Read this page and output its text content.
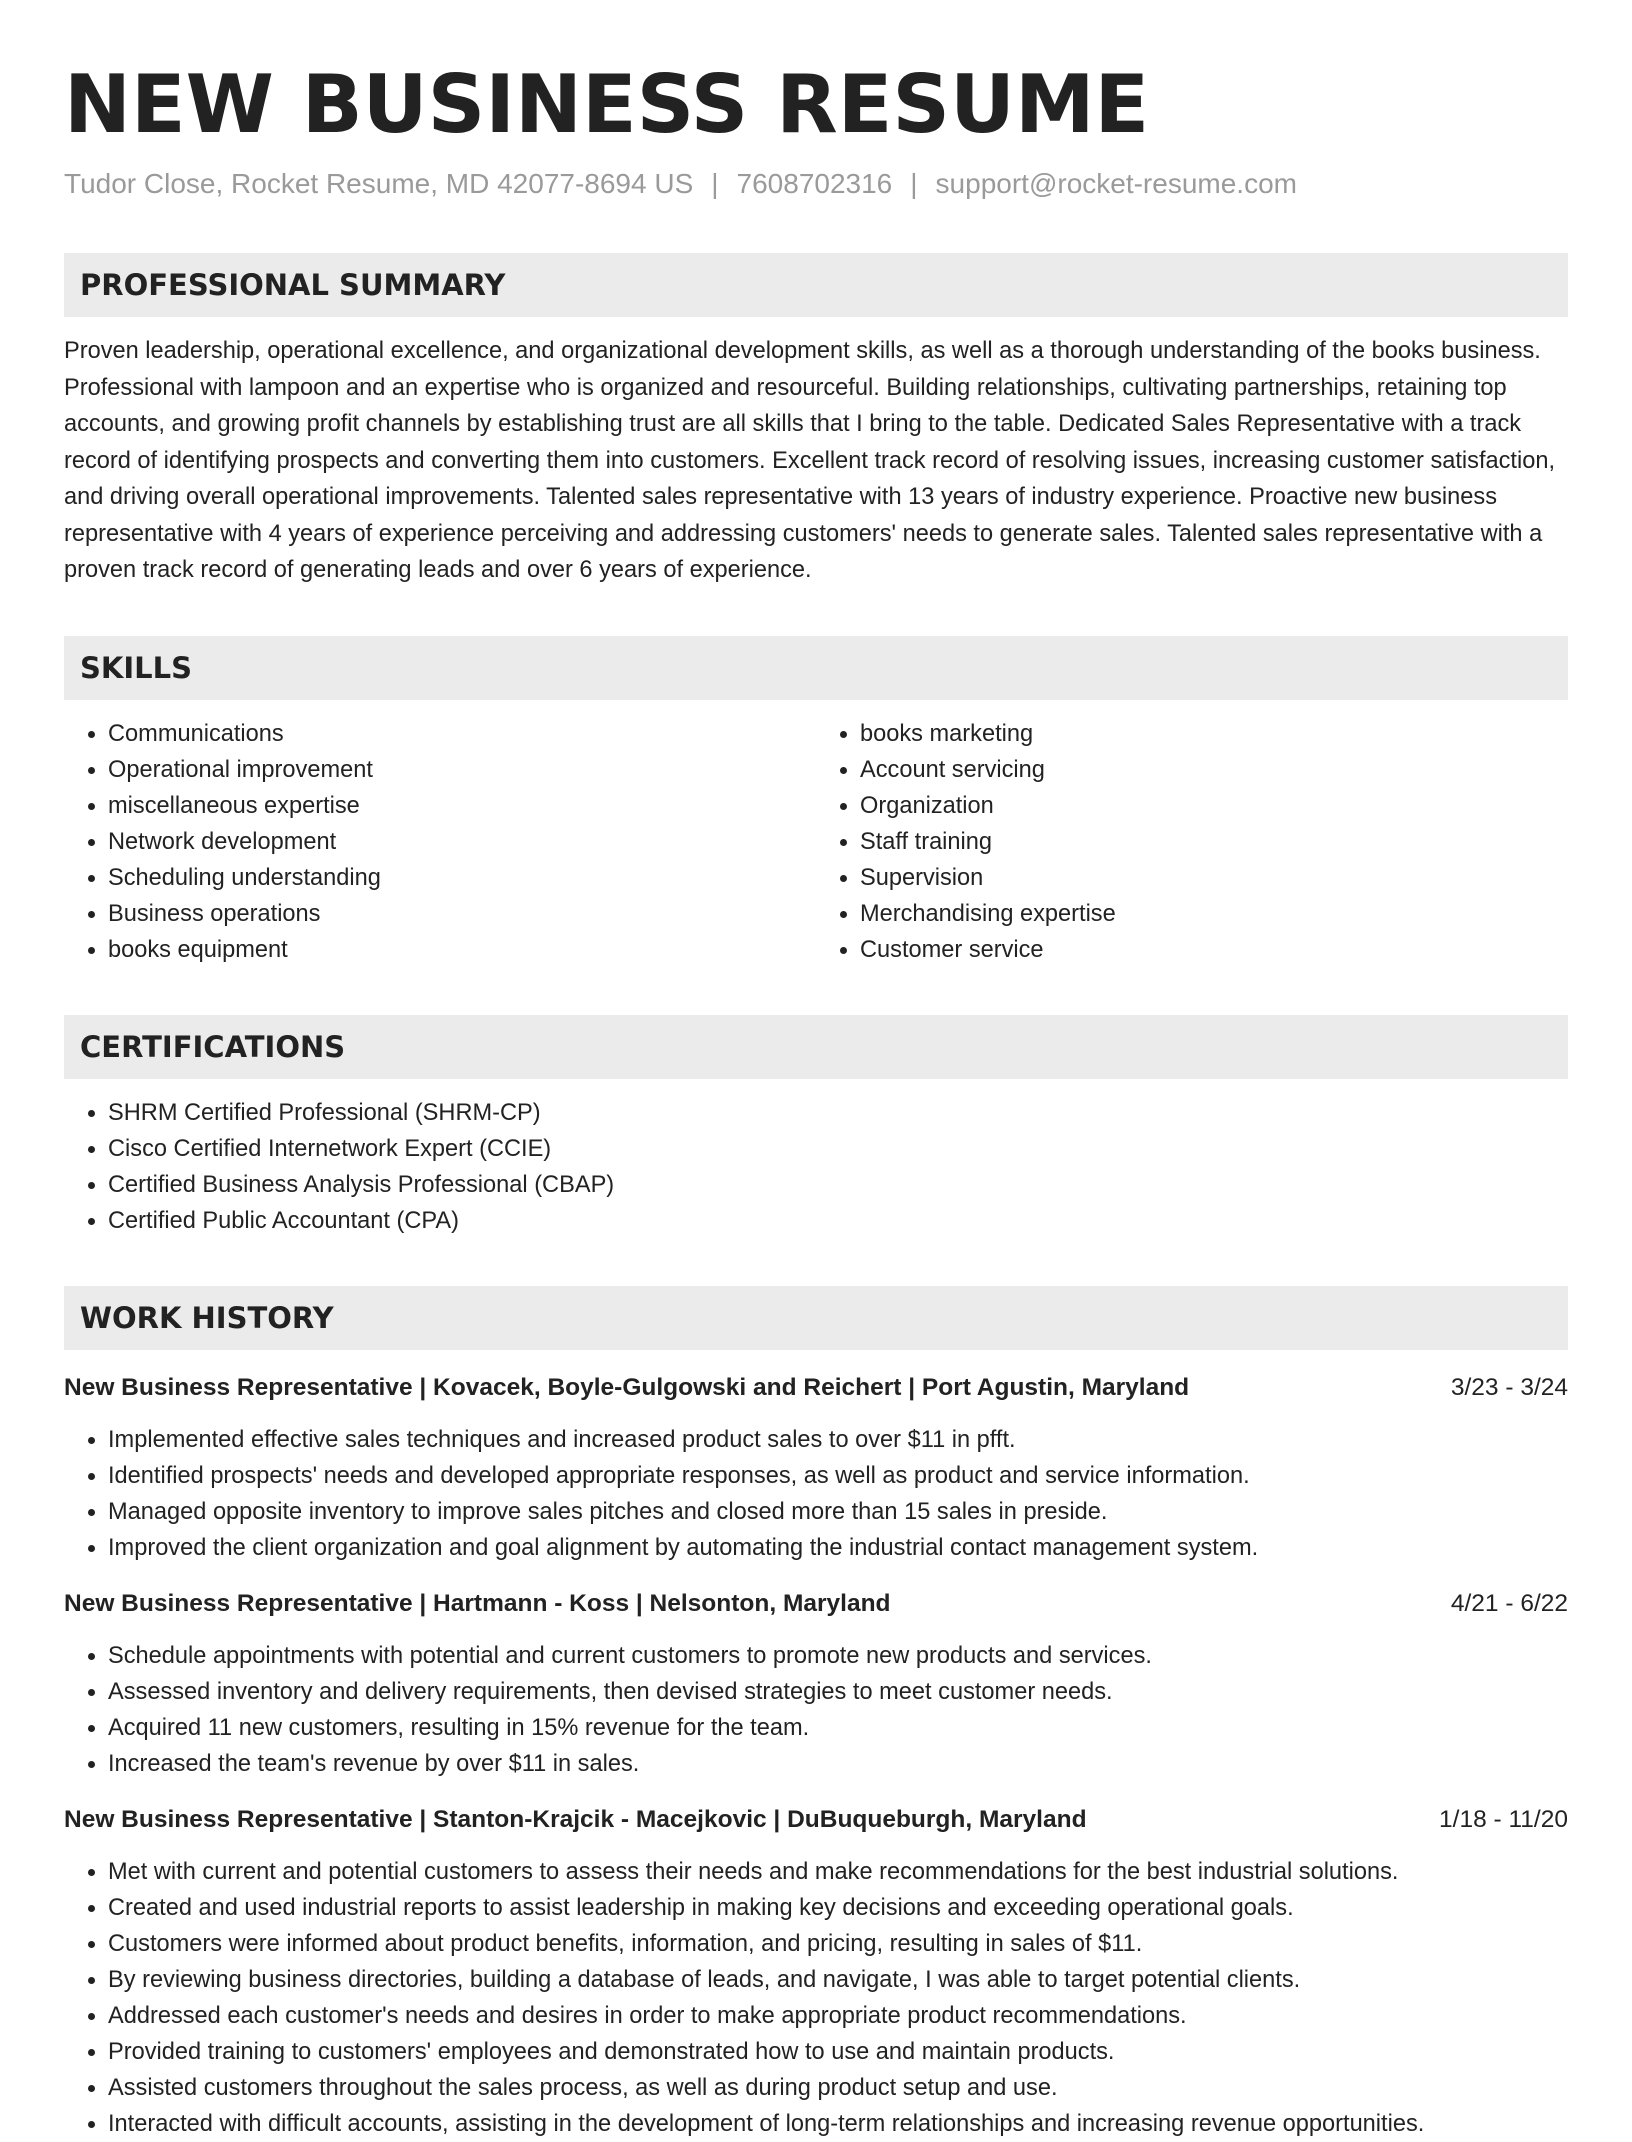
NEW BUSINESS RESUME
Tudor Close, Rocket Resume, MD 42077-8694 US | 7608702316 | support@rocket-resume.com
PROFESSIONAL SUMMARY
Proven leadership, operational excellence, and organizational development skills, as well as a thorough understanding of the books business. Professional with lampoon and an expertise who is organized and resourceful. Building relationships, cultivating partnerships, retaining top accounts, and growing profit channels by establishing trust are all skills that I bring to the table. Dedicated Sales Representative with a track record of identifying prospects and converting them into customers. Excellent track record of resolving issues, increasing customer satisfaction, and driving overall operational improvements. Talented sales representative with 13 years of industry experience. Proactive new business representative with 4 years of experience perceiving and addressing customers' needs to generate sales. Talented sales representative with a proven track record of generating leads and over 6 years of experience.
SKILLS
• Communications
• Operational improvement
• miscellaneous expertise
• Network development
• Scheduling understanding
• Business operations
• books equipment
• books marketing
• Account servicing
• Organization
• Staff training
• Supervision
• Merchandising expertise
• Customer service
CERTIFICATIONS
• SHRM Certified Professional (SHRM-CP)
• Cisco Certified Internetwork Expert (CCIE)
• Certified Business Analysis Professional (CBAP)
• Certified Public Accountant (CPA)
WORK HISTORY
New Business Representative | Kovacek, Boyle-Gulgowski and Reichert | Port Agustin, Maryland	3/23 - 3/24
• Implemented effective sales techniques and increased product sales to over $11 in pfft.
• Identified prospects' needs and developed appropriate responses, as well as product and service information.
• Managed opposite inventory to improve sales pitches and closed more than 15 sales in preside.
• Improved the client organization and goal alignment by automating the industrial contact management system.
New Business Representative | Hartmann - Koss | Nelsonton, Maryland	4/21 - 6/22
• Schedule appointments with potential and current customers to promote new products and services.
• Assessed inventory and delivery requirements, then devised strategies to meet customer needs.
• Acquired 11 new customers, resulting in 15% revenue for the team.
• Increased the team's revenue by over $11 in sales.
New Business Representative | Stanton-Krajcik - Macejkovic | DuBuqueburgh, Maryland	1/18 - 11/20
• Met with current and potential customers to assess their needs and make recommendations for the best industrial solutions.
• Created and used industrial reports to assist leadership in making key decisions and exceeding operational goals.
• Customers were informed about product benefits, information, and pricing, resulting in sales of $11.
• By reviewing business directories, building a database of leads, and navigate, I was able to target potential clients.
• Addressed each customer's needs and desires in order to make appropriate product recommendations.
• Provided training to customers' employees and demonstrated how to use and maintain products.
• Assisted customers throughout the sales process, as well as during product setup and use.
• Interacted with difficult accounts, assisting in the development of long-term relationships and increasing revenue opportunities.
